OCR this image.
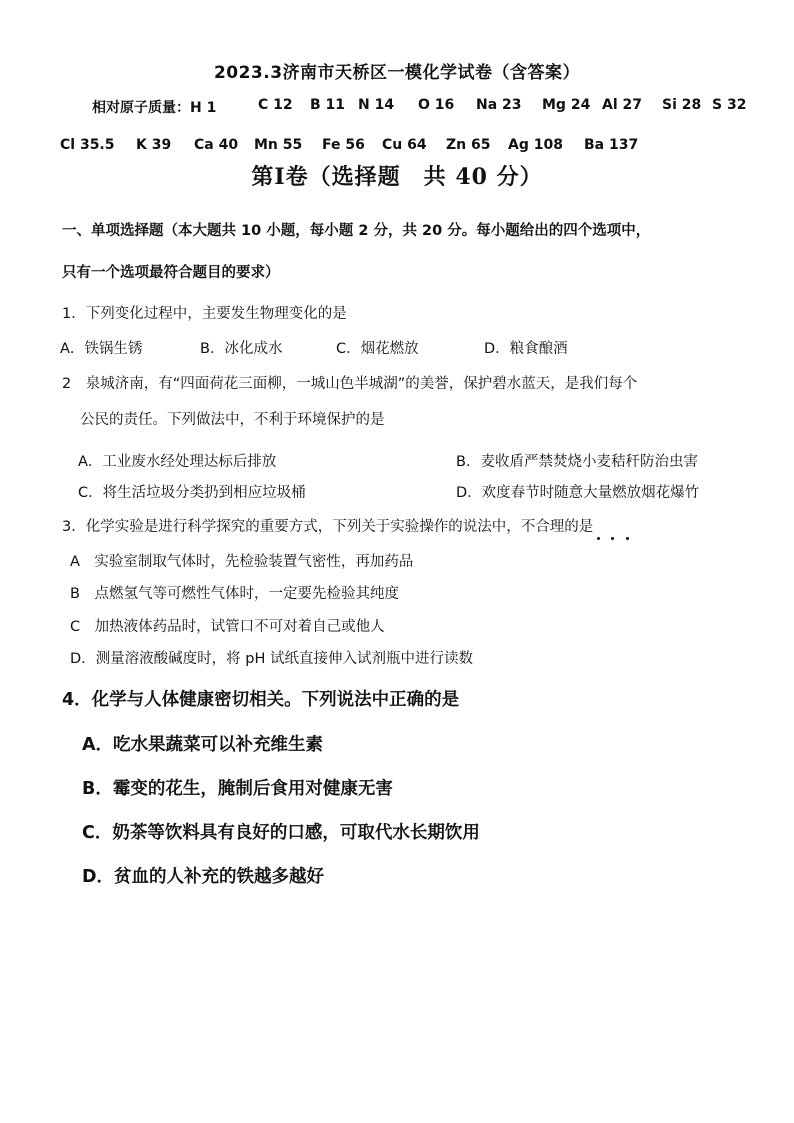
2023.3济南市天桥区一模化学试卷（含答案）
相对原子质量：H 1	C 12 B 11 N 14 O 16 Na 23 Mg 24 Al 27 Si 28 S 32
Cl 35.5 K 39 Ca 40 Mn 55 Fe 56 Cu 64 Zn 65 Ag 108 Ba 137
第I卷（选择题　共 40 分）
一、单项选择题（本大题共 10 小题，每小题 2 分，共 20 分。每小题给出的四个选项中，
只有一个选项最符合题目的要求）
1．下列变化过程中，主要发生物理变化的是
A．铁锅生锈	B．冰化成水	C．烟花燃放	D．粮食酿酒
2　泉城济南，有“四面荷花三面柳，一城山色半城湖”的美誉，保护碧水蓝天，是我们每个
公民的责任。下列做法中，不利于环境保护的是
A．工业废水经处理达标后排放	B．麦收盾严禁焚烧小麦秸秆防治虫害
C．将生活垃圾分类扔到相应垃圾桶	D．欢度春节时随意大量燃放烟花爆竹
3．化学实验是进行科学探究的重要方式，下列关于实验操作的说法中，不合理的是
A　实验室制取气体时，先检验装置气密性，再加药品
B　点燃氢气等可燃性气体时，一定要先检验其纯度
C　加热液体药品时，试管口不可对着自己或他人
D．测量溶液酸碱度时，将 pH 试纸直接伸入试剂瓶中进行读数
4．化学与人体健康密切相关。下列说法中正确的是
A．吃水果蔬菜可以补充维生素
B．霉变的花生，腌制后食用对健康无害
C．奶茶等饮料具有良好的口感，可取代水长期饮用
D．贫血的人补充的铁越多越好
